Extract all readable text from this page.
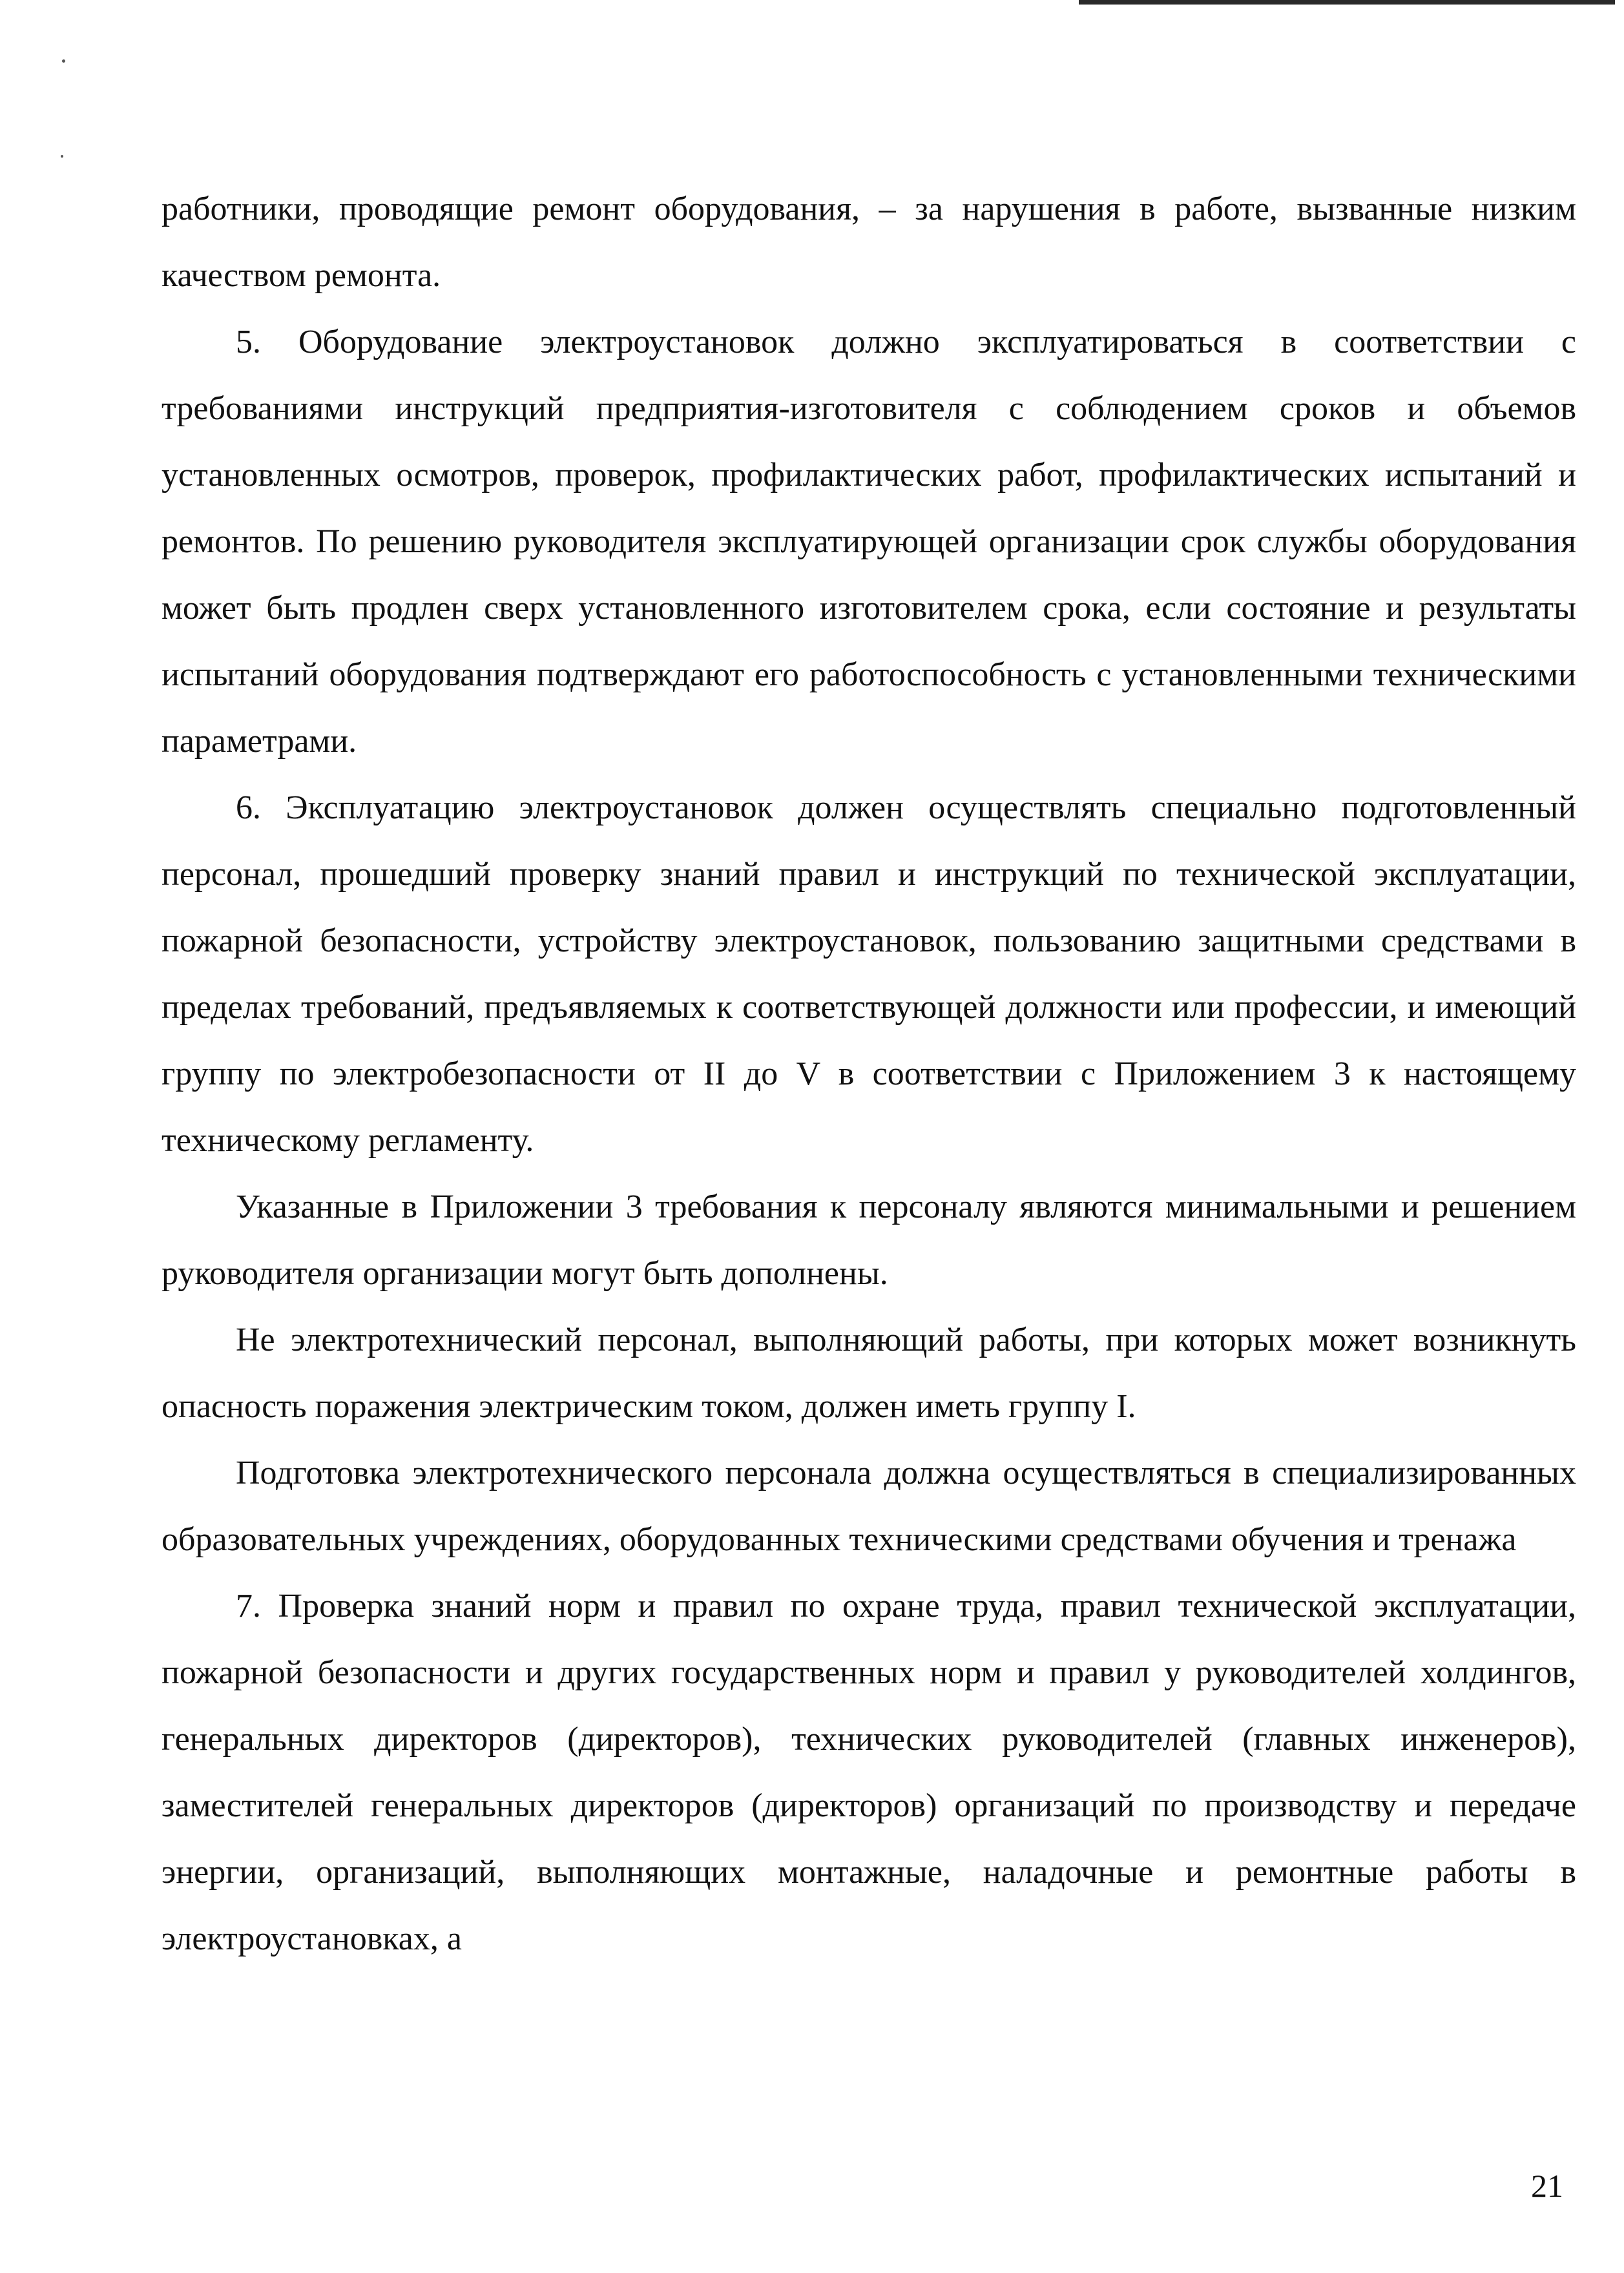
работники, проводящие ремонт оборудования, – за нарушения в работе, вызванные низким качеством ремонта.

5. Оборудование электроустановок должно эксплуатироваться в соответствии с требованиями инструкций предприятия-изготовителя с соблюдением сроков и объемов установленных осмотров, проверок, профилактических работ, профилактических испытаний и ремонтов. По решению руководителя эксплуатирующей организации срок службы оборудования может быть продлен сверх установленного изготовителем срока, если состояние и результаты испытаний оборудования подтверждают его работоспособность с установленными техническими параметрами.

6. Эксплуатацию электроустановок должен осуществлять специально подготовленный персонал, прошедший проверку знаний правил и инструкций по технической эксплуатации, пожарной безопасности, устройству электроустановок, пользованию защитными средствами в пределах требований, предъявляемых к соответствующей должности или профессии, и имеющий группу по электробезопасности от II до V в соответствии с Приложением 3 к настоящему техническому регламенту.

Указанные в Приложении 3 требования к персоналу являются минимальными и решением руководителя организации могут быть дополнены.

Не электротехнический персонал, выполняющий работы, при которых может возникнуть опасность поражения электрическим током, должен иметь группу I.

Подготовка электротехнического персонала должна осуществляться в специализированных образовательных учреждениях, оборудованных техническими средствами обучения и тренажа

7. Проверка знаний норм и правил по охране труда, правил технической эксплуатации, пожарной безопасности и других государственных норм и правил у руководителей холдингов, генеральных директоров (директоров), технических руководителей (главных инженеров), заместителей генеральных директоров (директоров) организаций по производству и передаче энергии, организаций, выполняющих монтажные, наладочные и ремонтные работы в электроустановках, а

21
